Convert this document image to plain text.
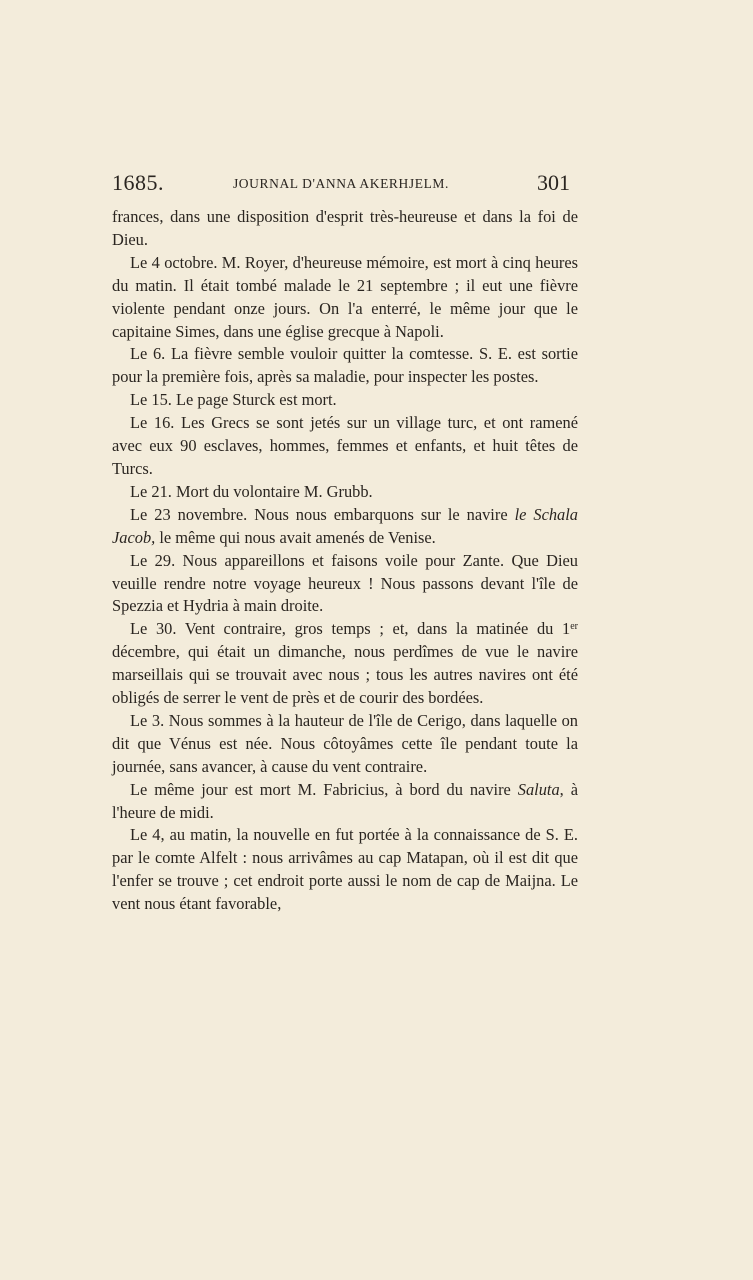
1685.	JOURNAL D'ANNA AKERHJELM.	301

frances, dans une disposition d'esprit très-heureuse et dans la foi de Dieu.

Le 4 octobre. M. Royer, d'heureuse mémoire, est mort à cinq heures du matin. Il était tombé malade le 21 septembre ; il eut une fièvre violente pendant onze jours. On l'a enterré, le même jour que le capitaine Simes, dans une église grecque à Napoli.

Le 6. La fièvre semble vouloir quitter la comtesse. S. E. est sortie pour la première fois, après sa maladie, pour inspecter les postes.

Le 15. Le page Sturck est mort.

Le 16. Les Grecs se sont jetés sur un village turc, et ont ramené avec eux 90 esclaves, hommes, femmes et enfants, et huit têtes de Turcs.

Le 21. Mort du volontaire M. Grubb.

Le 23 novembre. Nous nous embarquons sur le navire le Schala Jacob, le même qui nous avait amenés de Venise.

Le 29. Nous appareillons et faisons voile pour Zante. Que Dieu veuille rendre notre voyage heureux ! Nous passons devant l'île de Spezzia et Hydria à main droite.

Le 30. Vent contraire, gros temps ; et, dans la matinée du 1er décembre, qui était un dimanche, nous perdîmes de vue le navire marseillais qui se trouvait avec nous ; tous les autres navires ont été obligés de serrer le vent de près et de courir des bordées.

Le 3. Nous sommes à la hauteur de l'île de Cerigo, dans laquelle on dit que Vénus est née. Nous côtoyâmes cette île pendant toute la journée, sans avancer, à cause du vent contraire.

Le même jour est mort M. Fabricius, à bord du navire Saluta, à l'heure de midi.

Le 4, au matin, la nouvelle en fut portée à la connaissance de S. E. par le comte Alfelt : nous arrivâmes au cap Matapan, où il est dit que l'enfer se trouve ; cet endroit porte aussi le nom de cap de Maijna. Le vent nous étant favorable,
